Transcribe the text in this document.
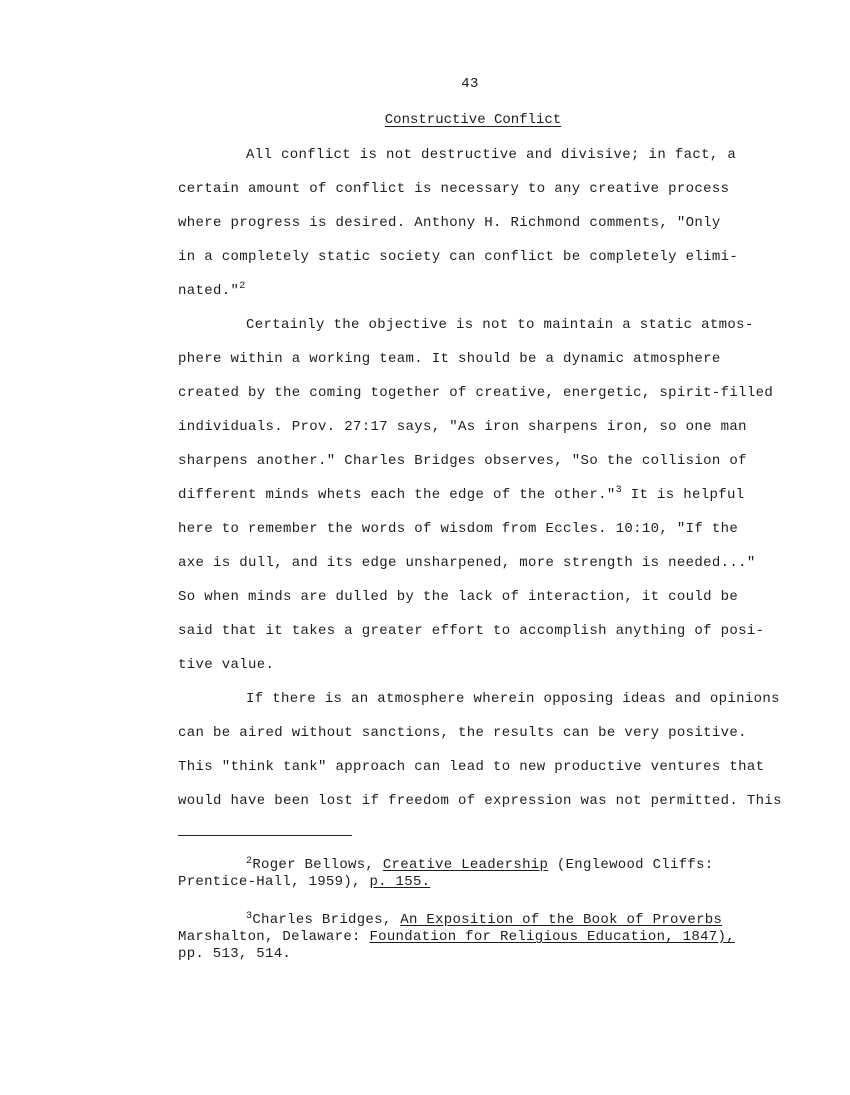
43
Constructive Conflict
All conflict is not destructive and divisive; in fact, a
certain amount of conflict is necessary to any creative process
where progress is desired. Anthony H. Richmond comments, "Only
in a completely static society can conflict be completely elimi-
nated."$^2$
Certainly the objective is not to maintain a static atmos-
phere within a working team. It should be a dynamic atmosphere
created by the coming together of creative, energetic, spirit-filled
individuals. Prov. 27:17 says, "As iron sharpens iron, so one man
sharpens another." Charles Bridges observes, "So the collision of
different minds whets each the edge of the other."$^3$ It is helpful
here to remember the words of wisdom from Eccles. 10:10, "If the
axe is dull, and its edge unsharpened, more strength is needed..."
So when minds are dulled by the lack of interaction, it could be
said that it takes a greater effort to accomplish anything of posi-
tive value.
If there is an atmosphere wherein opposing ideas and opinions
can be aired without sanctions, the results can be very positive.
This "think tank" approach can lead to new productive ventures that
would have been lost if freedom of expression was not permitted. This
$^2$Roger Bellows, Creative Leadership (Englewood Cliffs:
Prentice-Hall, 1959), p. 155.
$^3$Charles Bridges, An Exposition of the Book of Proverbs
Marshalton, Delaware: Foundation for Religious Education, 1847),
pp. 513, 514.
